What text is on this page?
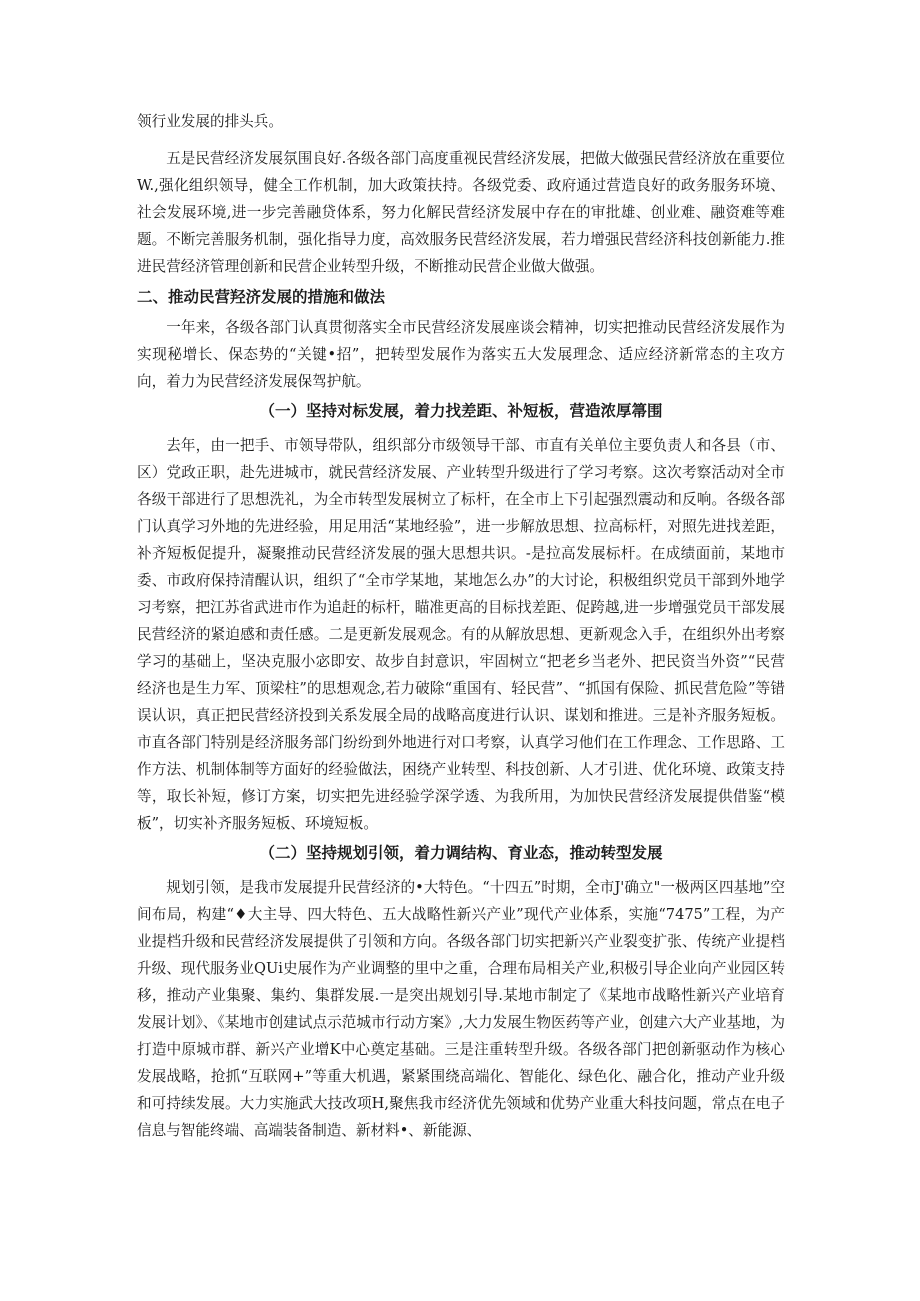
领行业发展的排头兵。

五是民营经济发展氛围良好.各级各部门高度重视民营经济发展，把做大做强民营经济放在重要位W.,强化组织领导，健全工作机制，加大政策扶持。各级党委、政府通过营造良好的政务服务环境、社会发展环境,进一步完善融贷体系，努力化解民营经济发展中存在的审批雄、创业难、融资难等难题。不断完善服务机制，强化指导力度，高效服务民营经济发展，若力增强民营经济科技创新能力.推进民营经济管理创新和民营企业转型升级，不断推动民营企业做大做强。

二、推动民营羟济发展的措施和做法

一年来，各级各部门认真贯彻落实全市民营经济发展座谈会精神，切实把推动民营经济发展作为实现秘增长、保态势的“关键•招”，把转型发展作为落实五大发展理念、适应经济新常态的主攻方向，着力为民营经济发展保驾护航。

（一）坚持对标发展，着力找差距、补短板，营造浓厚箒围

去年，由一把手、市领导带队，组织部分市级领导干部、市直有关单位主要负责人和各县（市、区）党政正职，赴先进城市，就民营经济发展、产业转型升级进行了学习考察。这次考察活动对全市各级干部进行了思想洗礼，为全市转型发展树立了标杆，在全市上下引起强烈震动和反响。各级各部门认真学习外地的先进经验，用足用活“某地经验”，进一步解放思想、拉高标杆，对照先进找差距，补齐短板促提升，凝聚推动民营经济发展的强大思想共识。-是拉高发展标杆。在成绩面前，某地市委、市政府保持清醒认识，组织了“全市学某地，某地怎么办”的大讨论，积极组织党员干部到外地学习考察，把江苏省武进市作为追赶的标杆，瞄准更高的目标找差距、促跨越,进一步增强党员干部发展民营经济的紧迫感和责任感。二是更新发展观念。有的从解放思想、更新观念入手，在组织外出考察学习的基础上，坚决克服小宓即安、故步自封意识，牢固树立“把老乡当老外、把民资当外资”“民营经济也是生力军、顶梁柱”的思想观念,若力破除“重国有、轻民营”、“抓国有保险、抓民营危险”等错误认识，真正把民营经济投到关系发展全局的战略高度进行认识、谋划和推进。三是补齐服务短板。市直各部门特别是经济服务部门纷纷到外地进行对口考察，认真学习他们在工作理念、工作思路、工作方法、机制体制等方面好的经验做法，困绕产业转型、科技创新、人才引进、优化环境、政策支持等，取长补短，修订方案，切实把先进经验学深学透、为我所用，为加快民营经济发展提供借鉴“模板”，切实补齐服务短板、环境短板。

（二）坚持规划引领，着力调结构、育业态，推动转型发展

规划引领，是我市发展提升民营经济的•大特色。“十四五”时期，全市J'确立"一极两区四基地”空间布局，构建“♦大主导、四大特色、五大战略性新兴产业”现代产业体系，实施“7475”工程，为产业提档升级和民营经济发展提供了引领和方向。各级各部门切实把新兴产业裂变扩张、传统产业提档升级、现代服务业QUi史展作为产业调整的里中之重，合理布局相关产业,积极引导企业向产业园区转移，推动产业集聚、集约、集群发展.一是突出规划引导.某地市制定了《某地市战略性新兴产业培育发展计划》、《某地市创建试点示范城市行动方案》,大力发展生物医药等产业，创建六大产业基地，为打造中原城市群、新兴产业增K中心奠定基础。三是注重转型升级。各级各部门把创新驱动作为核心发展战略，抢抓“互联网+”等重大机遇，紧紧围绕高端化、智能化、绿色化、融合化，推动产业升级和可持续发展。大力实施武大技改项H,聚焦我市经济优先领域和优势产业重大科技问题，常点在电子信息与智能终端、高端装备制造、新材料•、新能源、
